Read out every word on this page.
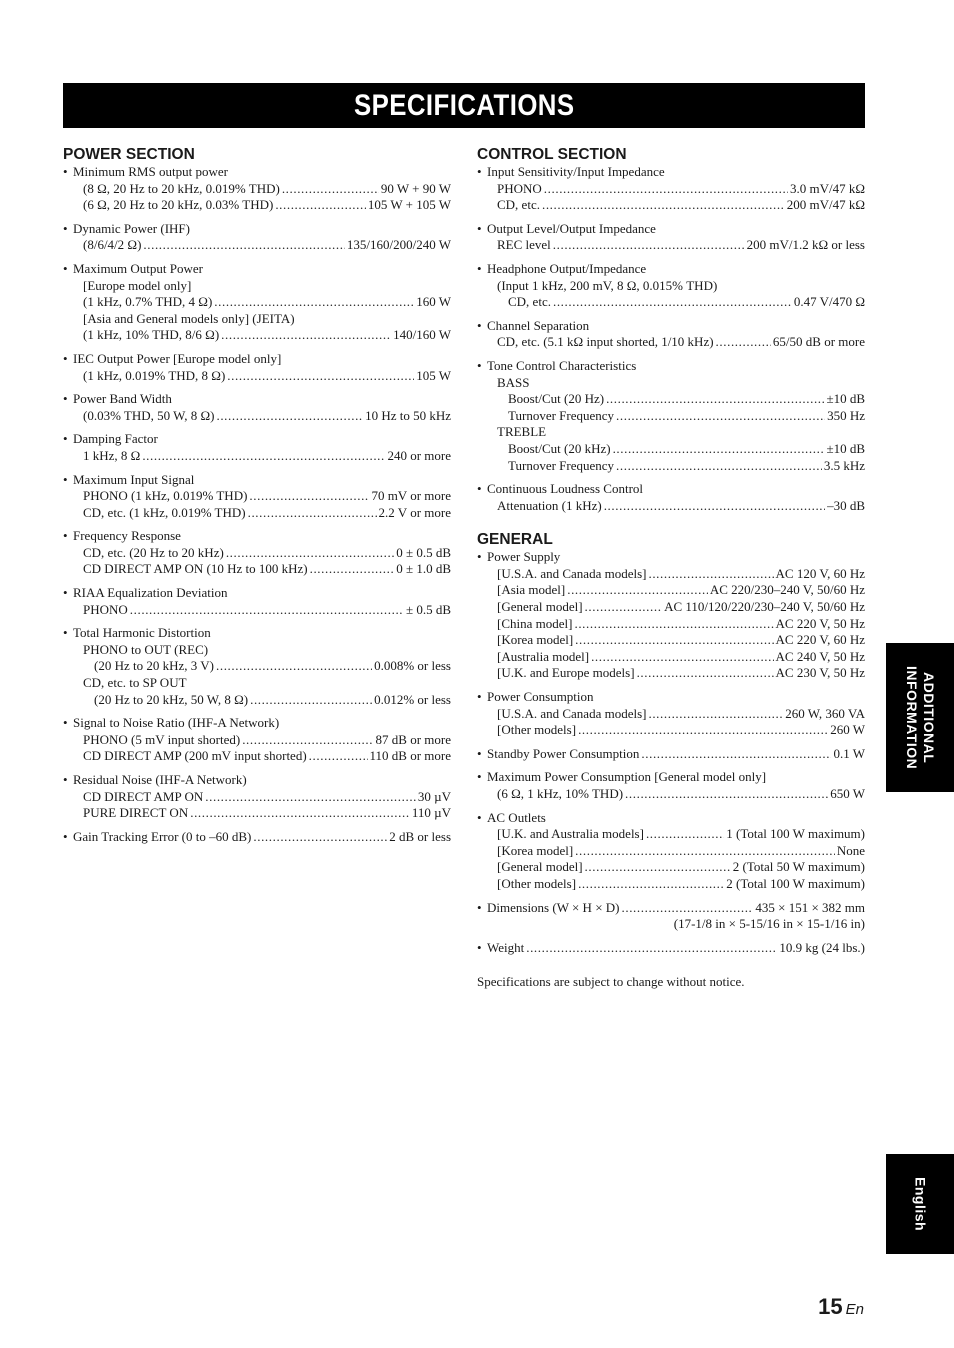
SPECIFICATIONS
POWER SECTION
• Minimum RMS output power
(8 Ω, 20 Hz to 20 kHz, 0.019% THD) .....	90 W + 90 W
(6 Ω, 20 Hz to 20 kHz, 0.03% THD) .....	105 W + 105 W
• Dynamic Power (IHF)
(8/6/4/2 Ω) .....	135/160/200/240 W
• Maximum Output Power
[Europe model only]
(1 kHz, 0.7% THD, 4 Ω) .....	160 W
[Asia and General models only] (JEITA)
(1 kHz, 10% THD, 8/6 Ω) .....	140/160 W
• IEC Output Power [Europe model only]
(1 kHz, 0.019% THD, 8 Ω) .....	105 W
• Power Band Width
(0.03% THD, 50 W, 8 Ω) .....	10 Hz to 50 kHz
• Damping Factor
1 kHz, 8 Ω .....	240 or more
• Maximum Input Signal
PHONO (1 kHz, 0.019% THD) .....	70 mV or more
CD, etc. (1 kHz, 0.019% THD) .....	2.2 V or more
• Frequency Response
CD, etc. (20 Hz to 20 kHz) .....	0 ± 0.5 dB
CD DIRECT AMP ON (10 Hz to 100 kHz) .....	0 ± 1.0 dB
• RIAA Equalization Deviation
PHONO .....	± 0.5 dB
• Total Harmonic Distortion
PHONO to OUT (REC)
(20 Hz to 20 kHz, 3 V) .....	0.008% or less
CD, etc. to SP OUT
(20 Hz to 20 kHz, 50 W, 8 Ω) .....	0.012% or less
• Signal to Noise Ratio (IHF-A Network)
PHONO (5 mV input shorted) .....	87 dB or more
CD DIRECT AMP (200 mV input shorted) .....	110 dB or more
• Residual Noise (IHF-A Network)
CD DIRECT AMP ON .....	30 µV
PURE DIRECT ON .....	110 µV
• Gain Tracking Error (0 to –60 dB) .....	2 dB or less
CONTROL SECTION
• Input Sensitivity/Input Impedance
PHONO .....	3.0 mV/47 kΩ
CD, etc. .....	200 mV/47 kΩ
• Output Level/Output Impedance
REC level .....	200 mV/1.2 kΩ or less
• Headphone Output/Impedance
(Input 1 kHz, 200 mV, 8 Ω, 0.015% THD)
CD, etc. .....	0.47 V/470 Ω
• Channel Separation
CD, etc. (5.1 kΩ input shorted, 1/10 kHz) .....	65/50 dB or more
• Tone Control Characteristics
BASS
Boost/Cut (20 Hz) .....	±10 dB
Turnover Frequency .....	350 Hz
TREBLE
Boost/Cut (20 kHz) .....	±10 dB
Turnover Frequency .....	3.5 kHz
• Continuous Loudness Control
Attenuation (1 kHz) .....	–30 dB
GENERAL
• Power Supply
[U.S.A. and Canada models] .....	AC 120 V, 60 Hz
[Asia model] .....	AC 220/230–240 V, 50/60 Hz
[General model] .....	AC 110/120/220/230–240 V, 50/60 Hz
[China model] .....	AC 220 V, 50 Hz
[Korea model] .....	AC 220 V, 60 Hz
[Australia model] .....	AC 240 V, 50 Hz
[U.K. and Europe models] .....	AC 230 V, 50 Hz
• Power Consumption
[U.S.A. and Canada models] .....	260 W, 360 VA
[Other models] .....	260 W
• Standby Power Consumption .....	0.1 W
• Maximum Power Consumption [General model only]
(6 Ω, 1 kHz, 10% THD) .....	650 W
• AC Outlets
[U.K. and Australia models] .....	1 (Total 100 W maximum)
[Korea model] .....	None
[General model] .....	2 (Total 50 W maximum)
[Other models] .....	2 (Total 100 W maximum)
• Dimensions (W × H × D) .....	435 × 151 × 382 mm
(17-1/8 in × 5-15/16 in × 15-1/16 in)
• Weight .....	10.9 kg (24 lbs.)
Specifications are subject to change without notice.
ADDITIONAL
INFORMATION
English
15 En
